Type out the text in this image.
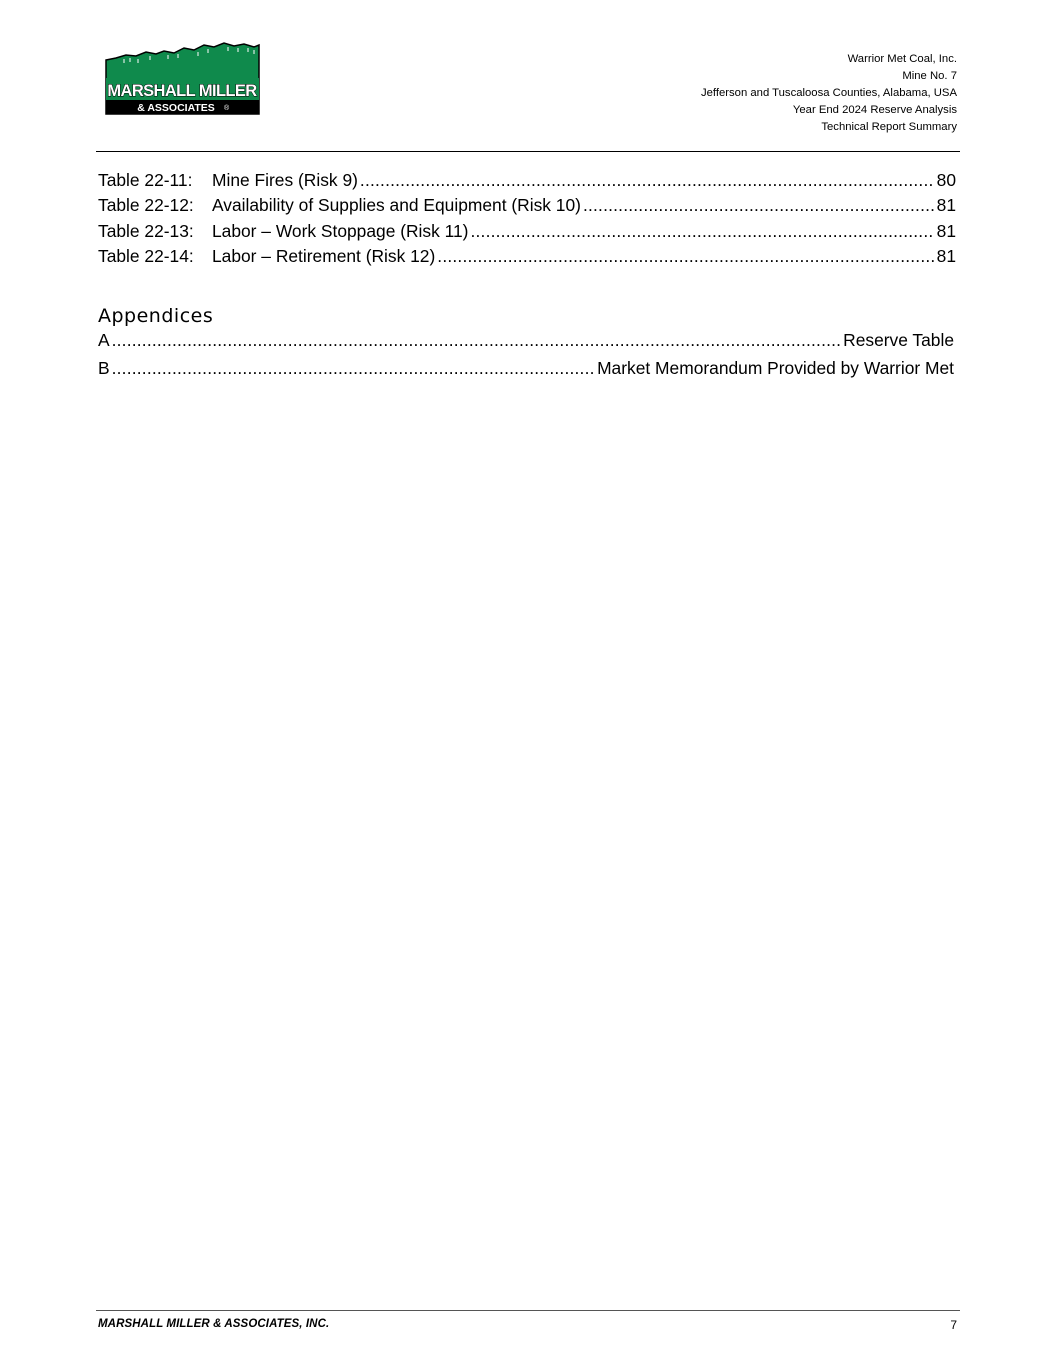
MARSHALL MILLER
& ASSOCIATES ®
Warrior Met Coal, Inc.
Mine No. 7
Jefferson and Tuscaloosa Counties, Alabama, USA
Year End 2024 Reserve Analysis
Technical Report Summary
Table 22-11: Mine Fires (Risk 9) .....	80
Table 22-12: Availability of Supplies and Equipment (Risk 10) .....	81
Table 22-13: Labor – Work Stoppage (Risk 11) .....	81
Table 22-14: Labor – Retirement (Risk 12) .....	81
Appendices
A .....	Reserve Table
B .....	Market Memorandum Provided by Warrior Met
MARSHALL MILLER & ASSOCIATES, INC.	7
